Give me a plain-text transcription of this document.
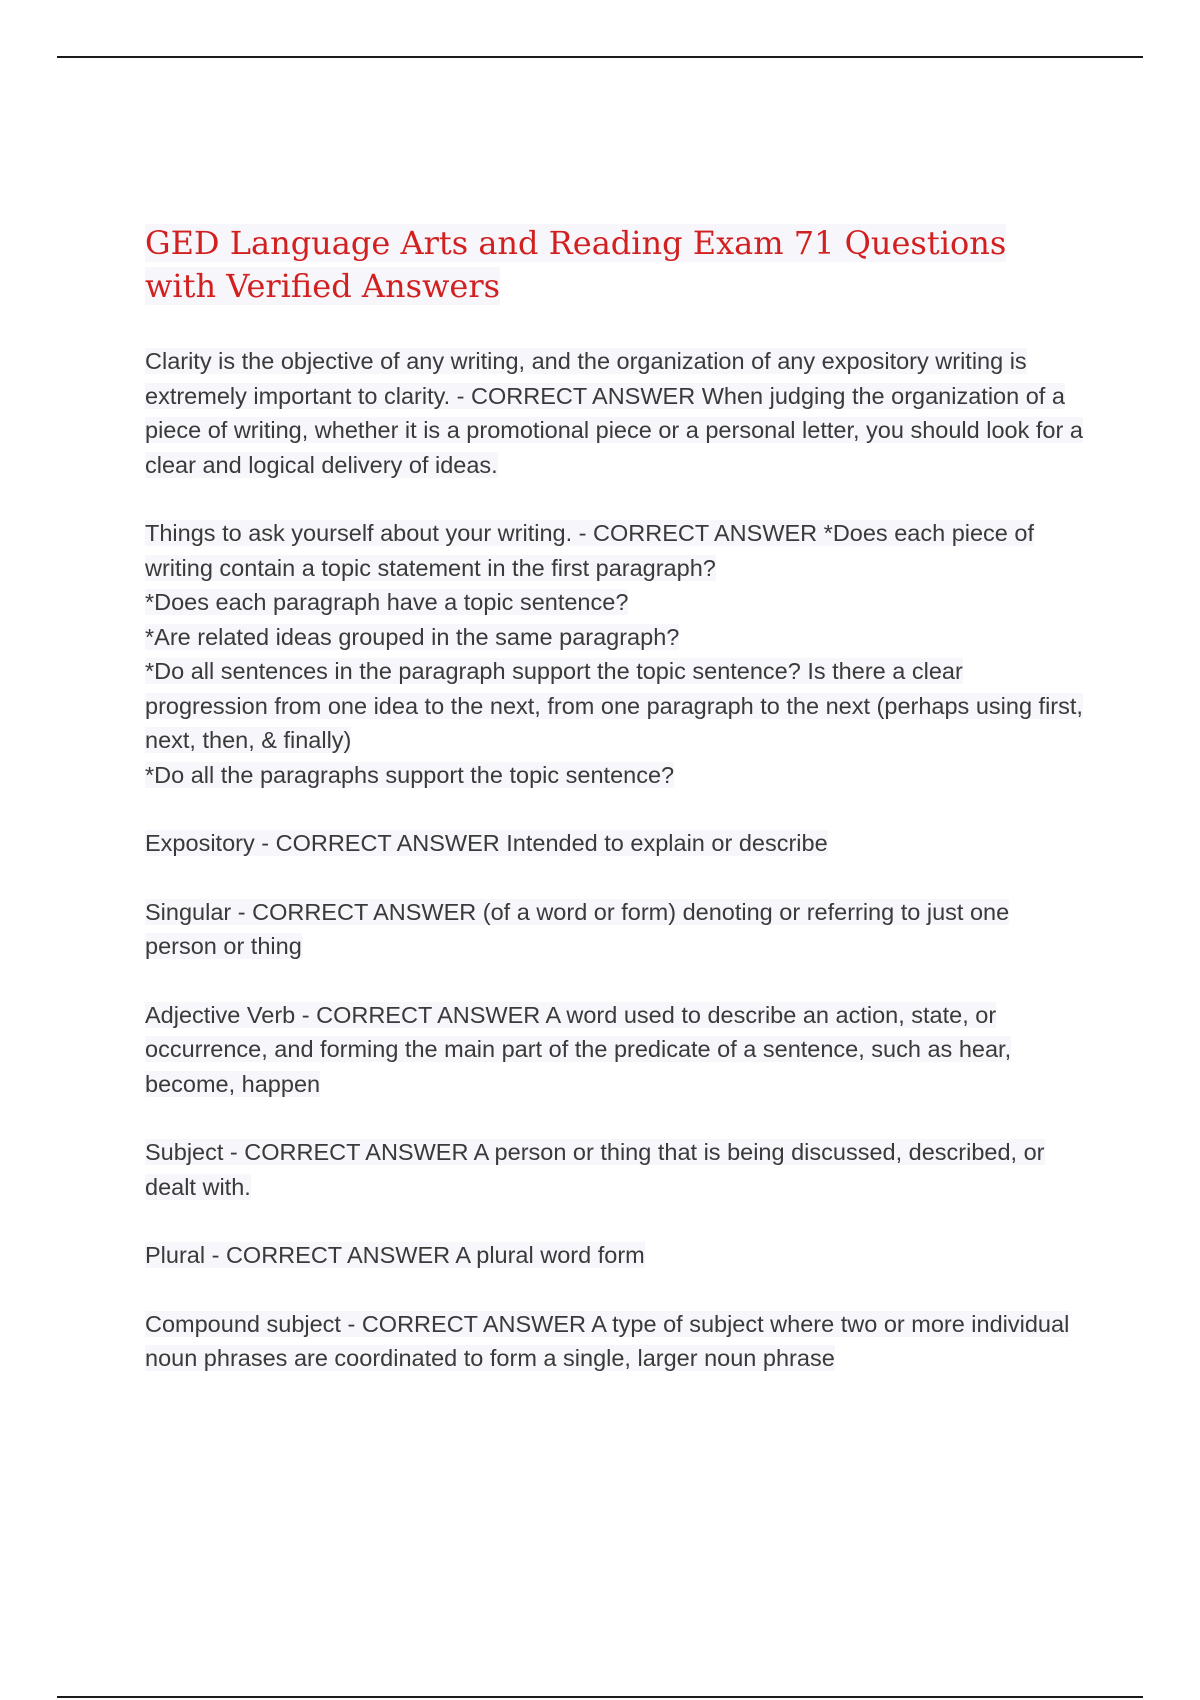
GED Language Arts and Reading Exam 71 Questions with Verified Answers
Clarity is the objective of any writing, and the organization of any expository writing is extremely important to clarity. - CORRECT ANSWER When judging the organization of a piece of writing, whether it is a promotional piece or a personal letter, you should look for a clear and logical delivery of ideas.
Things to ask yourself about your writing. - CORRECT ANSWER *Does each piece of writing contain a topic statement in the first paragraph?
*Does each paragraph have a topic sentence?
*Are related ideas grouped in the same paragraph?
*Do all sentences in the paragraph support the topic sentence? Is there a clear progression from one idea to the next, from one paragraph to the next (perhaps using first, next, then, & finally)
*Do all the paragraphs support the topic sentence?
Expository - CORRECT ANSWER Intended to explain or describe
Singular - CORRECT ANSWER (of a word or form) denoting or referring to just one person or thing
Adjective Verb - CORRECT ANSWER A word used to describe an action, state, or occurrence, and forming the main part of the predicate of a sentence, such as hear, become, happen
Subject - CORRECT ANSWER A person or thing that is being discussed, described, or dealt with.
Plural - CORRECT ANSWER A plural word form
Compound subject - CORRECT ANSWER A type of subject where two or more individual noun phrases are coordinated to form a single, larger noun phrase
